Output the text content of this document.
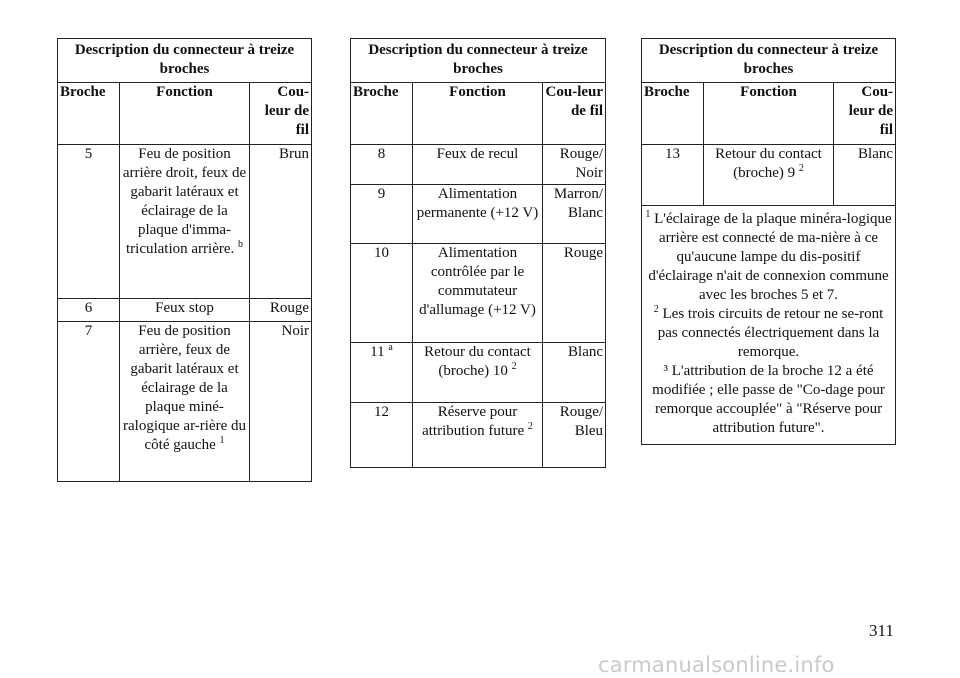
Description du connecteur à treize broches		
Broche	Fonction	Cou-leur de fil
5	Feu de position arrière droit, feux de gabarit latéraux et éclairage de la plaque d'imma-triculation arrière. $^b$	Brun
6	Feux stop	Rouge
7	Feu de position arrière, feux de gabarit latéraux et éclairage de la plaque miné-ralogique ar-rière du côté gauche $^1$	Noir
Description du connecteur à treize broches		
Broche	Fonction	Cou-leur de fil
8	Feux de recul	Rouge/ Noir
9	Alimentation permanente (+12 V)	Marron/ Blanc
10	Alimentation contrôlée par le commutateur d'allumage (+12 V)	Rouge
11 $^a$	Retour du contact (broche) 10 $^2$	Blanc
12	Réserve pour attribution future $^2$	Rouge/ Bleu
Description du connecteur à treize broches		
Broche	Fonction	Cou-leur de fil
13	Retour du contact (broche) 9 $^2$	Blanc

$^1$ L'éclairage de la plaque minéra-logique arrière est connecté de ma-nière à ce qu'aucune lampe du dis-positif d'éclairage n'ait de connexion commune avec les broches 5 et 7.

$^2$ Les trois circuits de retour ne se-ront pas connectés électriquement dans la remorque.

³ L'attribution de la broche 12 a été modifiée ; elle passe de "Co-dage pour remorque accouplée" à "Réserve pour attribution future".		

311
carmanualsonline.info
